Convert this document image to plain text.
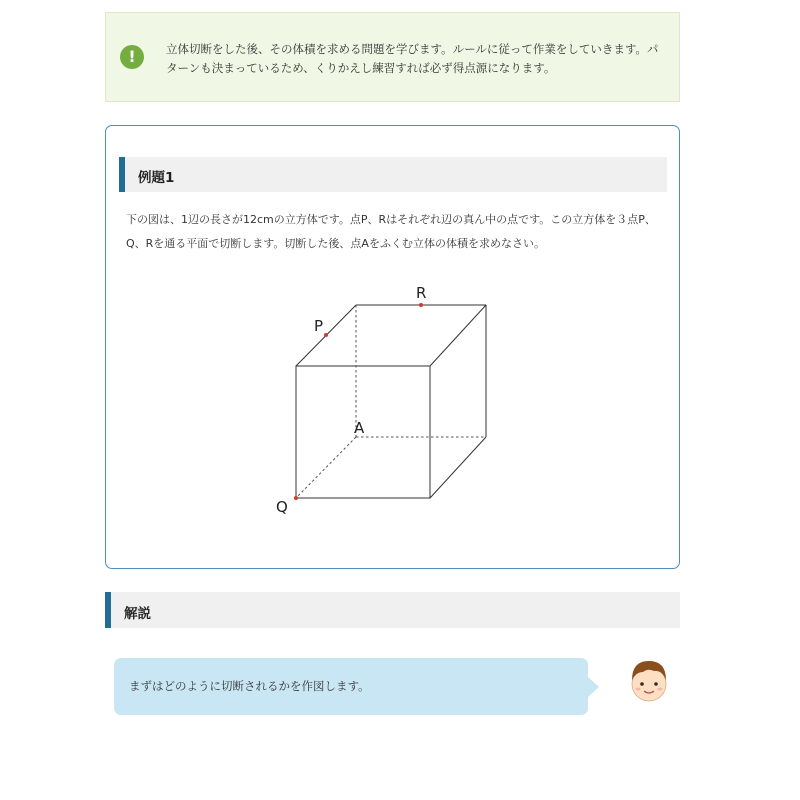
!	立体切断をした後、その体積を求める問題を学びます。ルールに従って作業をしていきます。パターンも決まっているため、くりかえし練習すれば必ず得点源になります。
例題1
下の図は、1辺の長さが12cmの立方体です。点P、Rはそれぞれ辺の真ん中の点です。この立方体を３点P、Q、Rを通る平面で切断します。切断した後、点Aをふくむ立体の体積を求めなさい。
P
R
A
Q
解説
まずはどのように切断されるかを作図します。
